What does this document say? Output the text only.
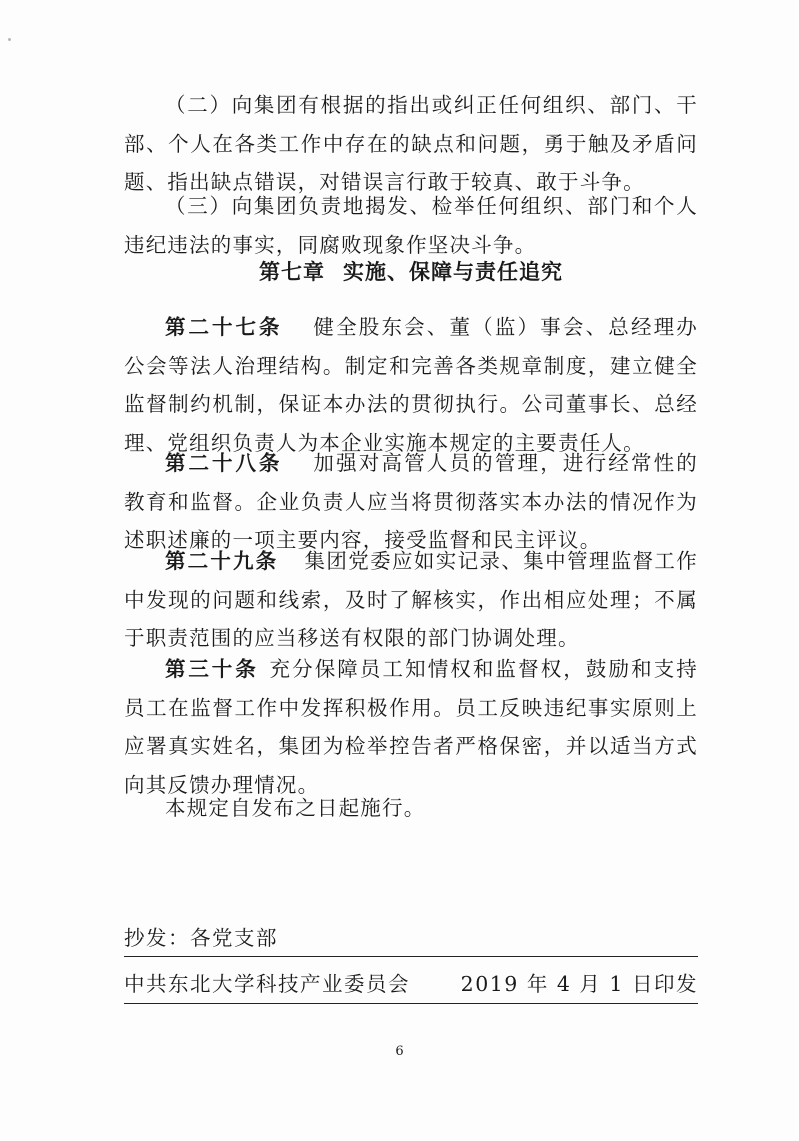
（二）向集团有根据的指出或纠正任何组织、部门、干部、个人在各类工作中存在的缺点和问题，勇于触及矛盾问题、指出缺点错误，对错误言行敢于较真、敢于斗争。

（三）向集团负责地揭发、检举任何组织、部门和个人违纪违法的事实，同腐败现象作坚决斗争。

第七章 实施、保障与责任追究

第二十七条 健全股东会、董（监）事会、总经理办公会等法人治理结构。制定和完善各类规章制度，建立健全监督制约机制，保证本办法的贯彻执行。公司董事长、总经理、党组织负责人为本企业实施本规定的主要责任人。

第二十八条 加强对高管人员的管理，进行经常性的教育和监督。企业负责人应当将贯彻落实本办法的情况作为述职述廉的一项主要内容，接受监督和民主评议。

第二十九条 集团党委应如实记录、集中管理监督工作中发现的问题和线索，及时了解核实，作出相应处理；不属于职责范围的应当移送有权限的部门协调处理。

第三十条 充分保障员工知情权和监督权，鼓励和支持员工在监督工作中发挥积极作用。员工反映违纪事实原则上应署真实姓名，集团为检举控告者严格保密，并以适当方式向其反馈办理情况。

本规定自发布之日起施行。

抄发：各党支部

中共东北大学科技产业委员会 2019 年 4 月 1 日印发

6
